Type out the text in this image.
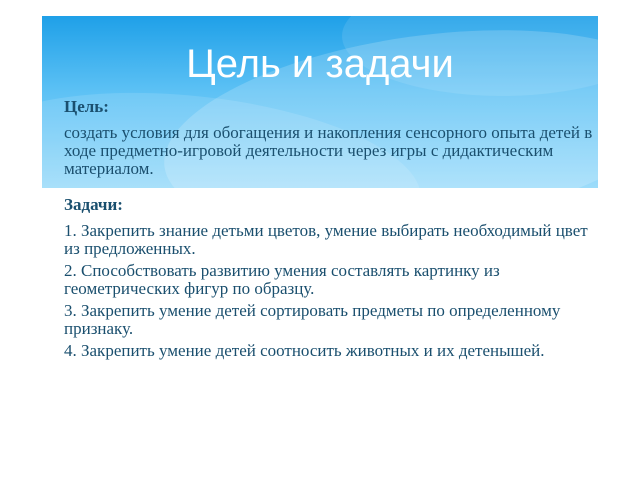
Цель и задачи

Цель:

создать условия для обогащения и накопления сенсорного опыта детей в ходе предметно-игровой деятельности через игры с дидактическим материалом.

Задачи:

1. Закрепить знание детьми цветов, умение выбирать необходимый цвет из предложенных.

2. Способствовать развитию умения составлять картинку из геометрических фигур по образцу.

3. Закрепить умение детей сортировать предметы по определенному признаку.

4. Закрепить умение детей соотносить животных и их детенышей.
